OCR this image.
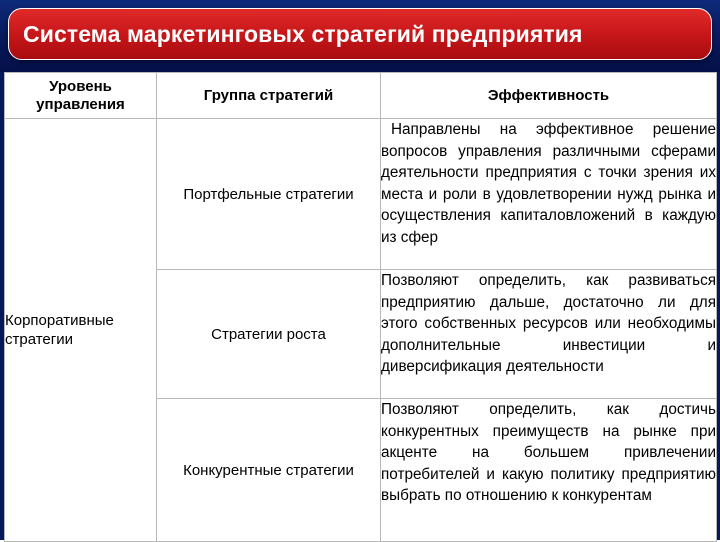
Система маркетинговых стратегий предприятия
Уровень управления	Группа стратегий	Эффективность
Корпоративные стратегии	Портфельные стратегии	Направлены на эффективное решение вопросов управления различными сферами деятельности предприятия с точки зрения их места и роли в удовлетворении нужд рынка и осуществления капиталовложений в каждую из сфер

	Стратегии роста	Позволяют определить, как развиваться предприятию дальше, достаточно ли для этого собственных ресурсов или необходимы дополнительные инвестиции и диверсификация деятельности
	Конкурентные стратегии	Позволяют определить, как достичь конкурентных преимуществ на рынке при акценте на большем привлечении потребителей и какую политику предприятию выбрать по отношению к конкурентам
